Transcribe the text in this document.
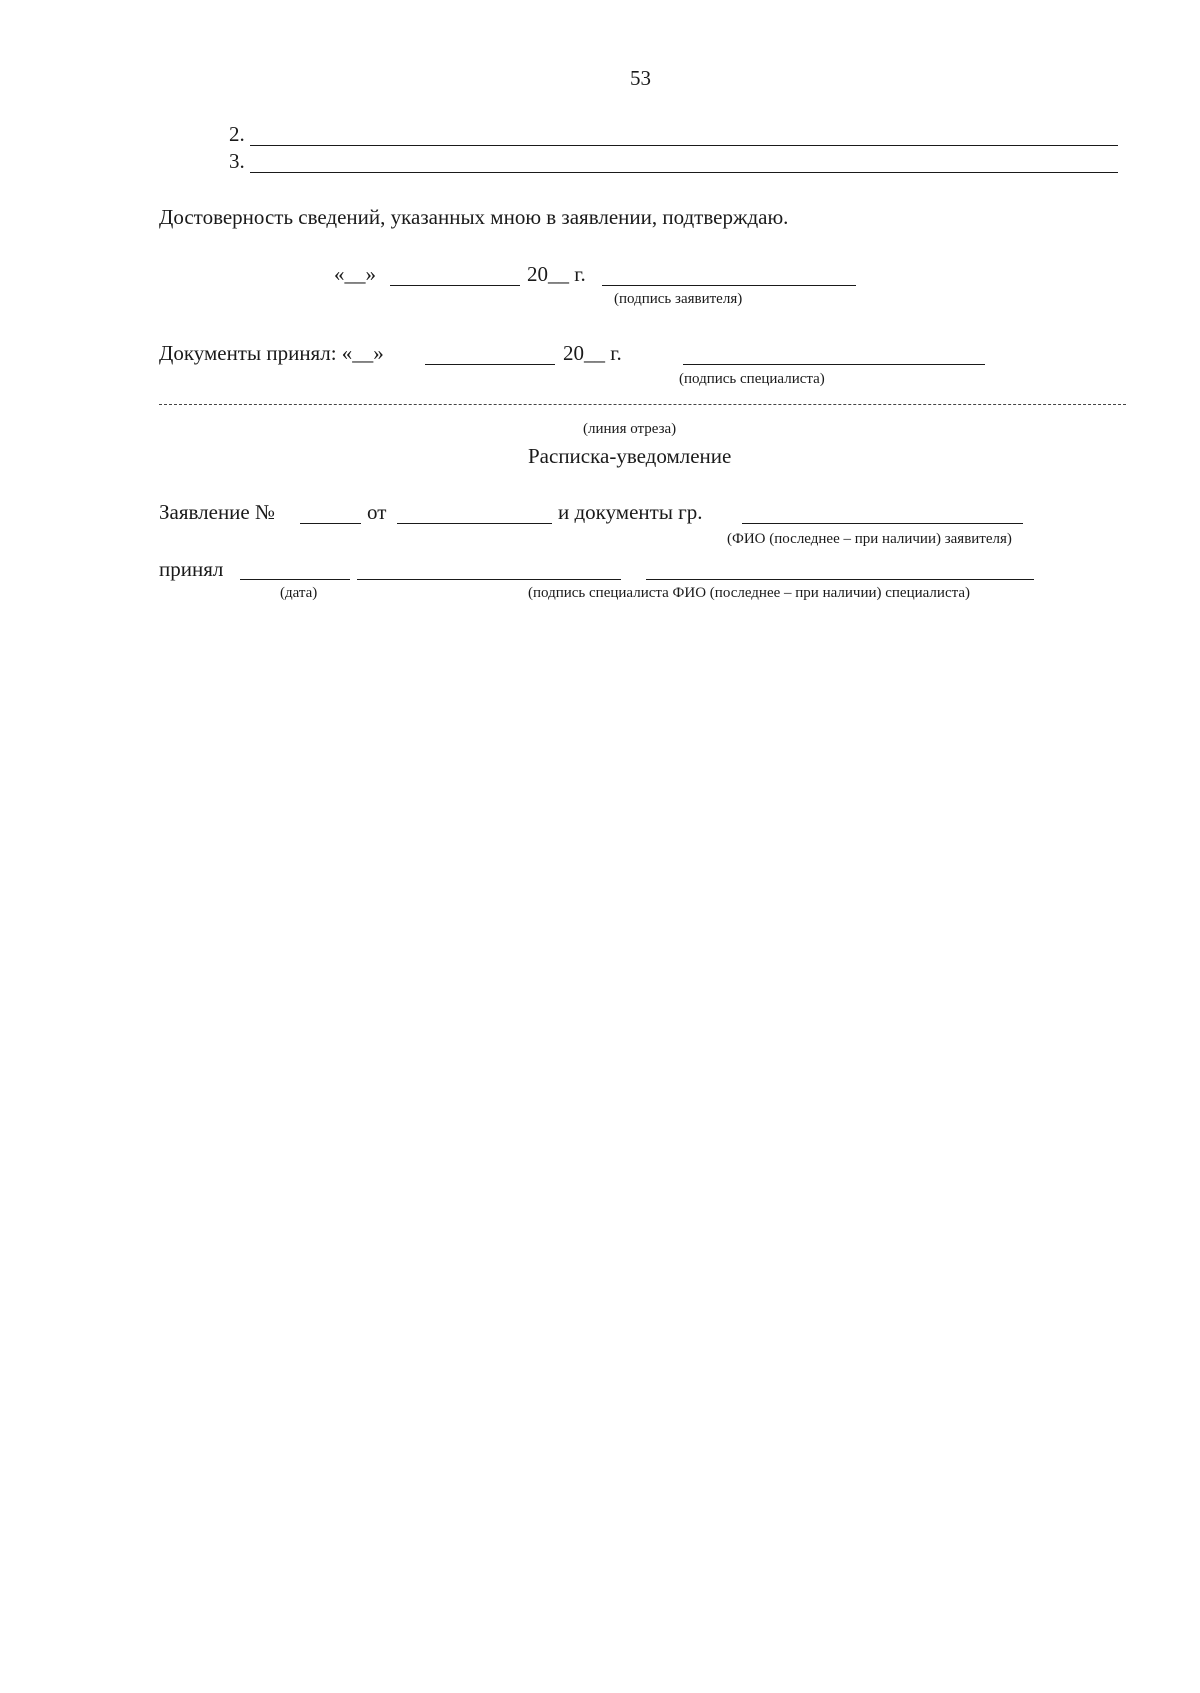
53
2.
3.
Достоверность сведений, указанных мною в заявлении, подтверждаю.
«__»	20__ г.
(подпись заявителя)
Документы принял: «__»	20__ г.
(подпись специалиста)
(линия отреза)
Расписка-уведомление
Заявление №	от	и документы гр.
(ФИО (последнее – при наличии) заявителя)
принял
(дата)	(подпись специалиста ФИО (последнее – при наличии) специалиста)
